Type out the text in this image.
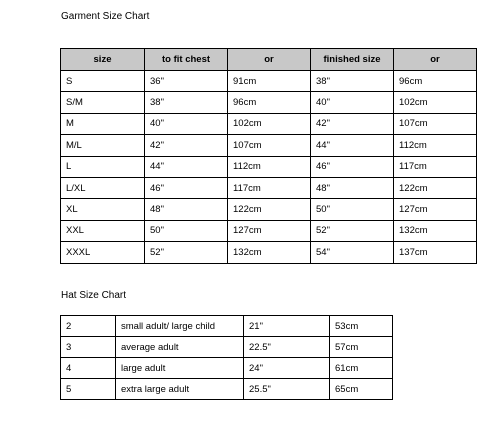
Garment Size Chart
size	to fit chest	or	finished size	or
S	36"	91cm	38"	96cm
S/M	38"	96cm	40"	102cm
M	40"	102cm	42"	107cm
M/L	42"	107cm	44"	112cm
L	44"	112cm	46"	117cm
L/XL	46"	117cm	48"	122cm
XL	48"	122cm	50"	127cm
XXL	50"	127cm	52"	132cm
XXXL	52"	132cm	54"	137cm
Hat Size Chart
2	small adult/ large child	21"	53cm
3	average adult	22.5"	57cm
4	large adult	24"	61cm
5	extra large adult	25.5"	65cm
